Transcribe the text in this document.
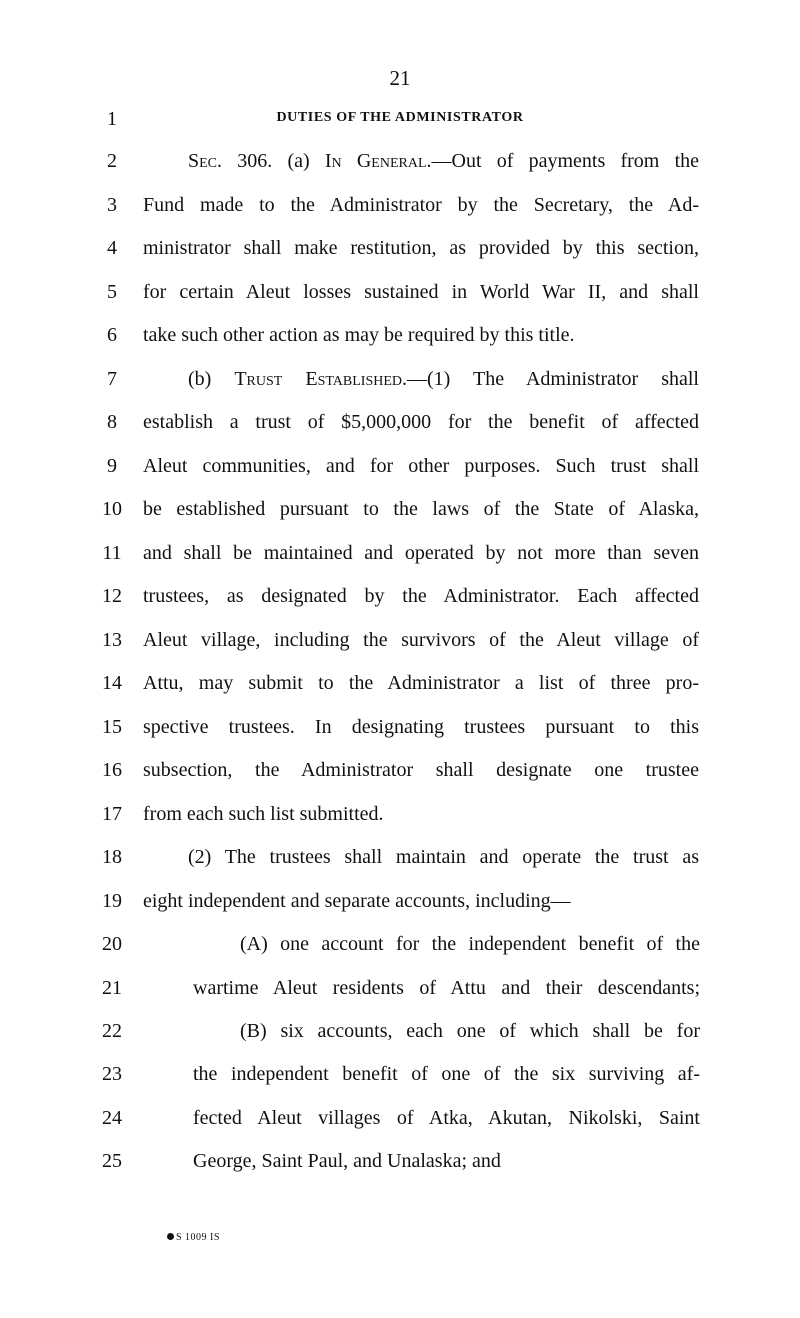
21
DUTIES OF THE ADMINISTRATOR
1
2	Sec. 306. (a) In General.—Out of payments from the
3	Fund made to the Administrator by the Secretary, the Ad-
4	ministrator shall make restitution, as provided by this section,
5	for certain Aleut losses sustained in World War II, and shall
6	take such other action as may be required by this title.
7	(b) Trust Established.—(1) The Administrator shall
8	establish a trust of $5,000,000 for the benefit of affected
9	Aleut communities, and for other purposes. Such trust shall
10	be established pursuant to the laws of the State of Alaska,
11	and shall be maintained and operated by not more than seven
12	trustees, as designated by the Administrator. Each affected
13	Aleut village, including the survivors of the Aleut village of
14	Attu, may submit to the Administrator a list of three pro-
15	spective trustees. In designating trustees pursuant to this
16	subsection, the Administrator shall designate one trustee
17	from each such list submitted.
18	(2) The trustees shall maintain and operate the trust as
19	eight independent and separate accounts, including—
20	(A) one account for the independent benefit of the
21	wartime Aleut residents of Attu and their descendants;
22	(B) six accounts, each one of which shall be for
23	the independent benefit of one of the six surviving af-
24	fected Aleut villages of Atka, Akutan, Nikolski, Saint
25	George, Saint Paul, and Unalaska; and
S 1009 IS
